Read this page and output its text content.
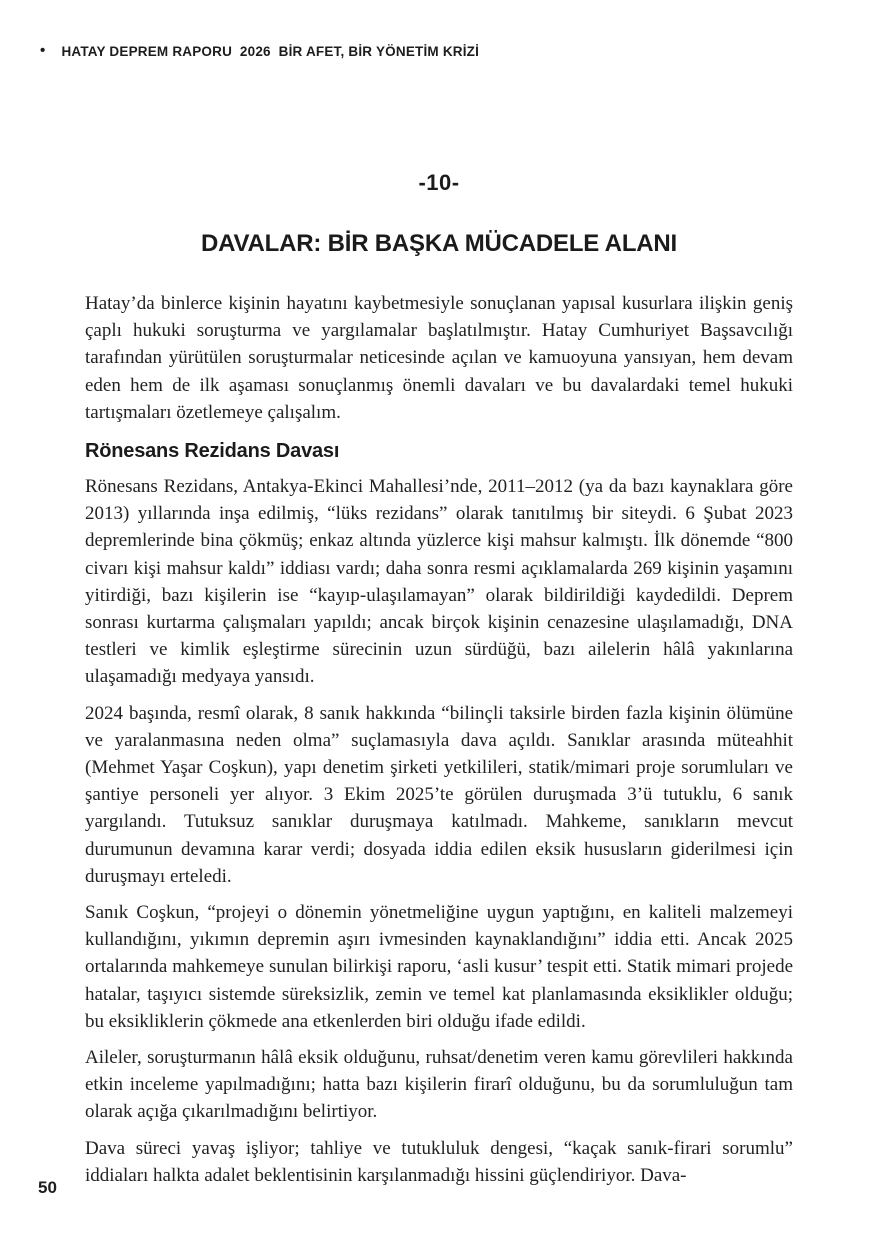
• HATAY DEPREM RAPORU  2026  BİR AFET, BİR YÖNETİM KRİZİ
-10-
DAVALAR: BİR BAŞKA MÜCADELE ALANI

Hatay’da binlerce kişinin hayatını kaybetmesiyle sonuçlanan yapısal kusurlara ilişkin geniş çaplı hukuki soruşturma ve yargılamalar başlatılmıştır. Hatay Cumhuriyet Başsavcılığı tarafından yürütülen soruşturmalar neticesinde açılan ve kamuoyuna yansıyan, hem devam eden hem de ilk aşaması sonuçlanmış önemli davaları ve bu davalardaki temel hukuki tartışmaları özetlemeye çalışalım.

Rönesans Rezidans Davası

Rönesans Rezidans, Antakya-Ekinci Mahallesi’nde, 2011–2012 (ya da bazı kaynaklara göre 2013) yıllarında inşa edilmiş, “lüks rezidans” olarak tanıtılmış bir siteydi. 6 Şubat 2023 depremlerinde bina çökmüş; enkaz altında yüzlerce kişi mahsur kalmıştı. İlk dönemde “800 civarı kişi mahsur kaldı” iddiası vardı; daha sonra resmi açıklamalarda 269 kişinin yaşamını yitirdiği, bazı kişilerin ise “kayıp-ulaşılamayan” olarak bildirildiği kaydedildi. Deprem sonrası kurtarma çalışmaları yapıldı; ancak birçok kişinin cenazesine ulaşılamadığı, DNA testleri ve kimlik eşleştirme sürecinin uzun sürdüğü, bazı ailelerin hâlâ yakınlarına ulaşamadığı medyaya yansıdı.

2024 başında, resmî olarak, 8 sanık hakkında “bilinçli taksirle birden fazla kişinin ölümüne ve yaralanmasına neden olma” suçlamasıyla dava açıldı. Sanıklar arasında müteahhit (Mehmet Yaşar Coşkun), yapı denetim şirketi yetkilileri, statik/mimari proje sorumluları ve şantiye personeli yer alıyor. 3 Ekim 2025’te görülen duruşmada 3’ü tutuklu, 6 sanık yargılandı. Tutuksuz sanıklar duruşmaya katılmadı. Mahkeme, sanıkların mevcut durumunun devamına karar verdi; dosyada iddia edilen eksik hususların giderilmesi için duruşmayı erteledi.

Sanık Coşkun, “projeyi o dönemin yönetmeliğine uygun yaptığını, en kaliteli malzemeyi kullandığını, yıkımın depremin aşırı ivmesinden kaynaklandığını” iddia etti. Ancak 2025 ortalarında mahkemeye sunulan bilirkişi raporu, ‘asli kusur’ tespit etti. Statik mimari projede hatalar, taşıyıcı sistemde süreksizlik, zemin ve temel kat planlamasında eksiklikler olduğu; bu eksikliklerin çökmede ana etkenlerden biri olduğu ifade edildi.

Aileler, soruşturmanın hâlâ eksik olduğunu, ruhsat/denetim veren kamu görevlileri hakkında etkin inceleme yapılmadığını; hatta bazı kişilerin firarî olduğunu, bu da sorumluluğun tam olarak açığa çıkarılmadığını belirtiyor.

Dava süreci yavaş işliyor; tahliye ve tutukluluk dengesi, “kaçak sanık-firari sorumlu” iddiaları halkta adalet beklentisinin karşılanmadığı hissini güçlendiriyor. Dava-

50
